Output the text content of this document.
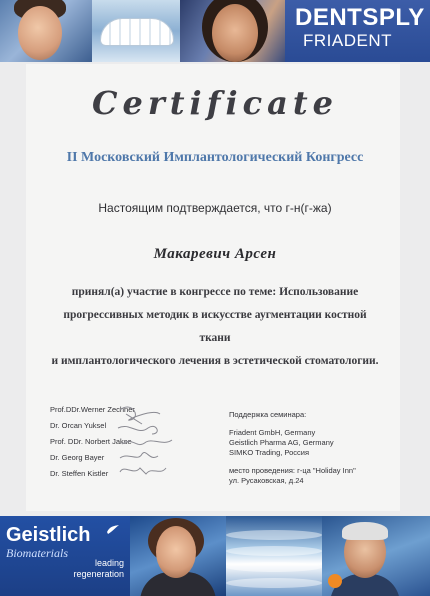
DENTSPLY
FRIADENT
Certificate
II Московский Имплантологический Конгресс
Настоящим подтверждается, что г-н(г-жа)
Макаревич Арсен
принял(а) участие в конгрессе по теме: Использование
прогрессивных методик в искусстве аугментации костной ткани
и имплантологического лечения в эстетической стоматологии.
Prof.DDr.Werner Zechner
Dr. Orcan Yuksel
Prof. DDr. Norbert Jakse
Dr. Georg Bayer
Dr. Steffen Kistler
Поддержка семинара:
Friadent GmbH, Germany
Geistlich Pharma AG, Germany
SIMKO Trading, Россия
место проведения: г-ца "Holiday Inn"
ул. Русаковская, д.24
Geistlich
Biomaterials
leading
regeneration
